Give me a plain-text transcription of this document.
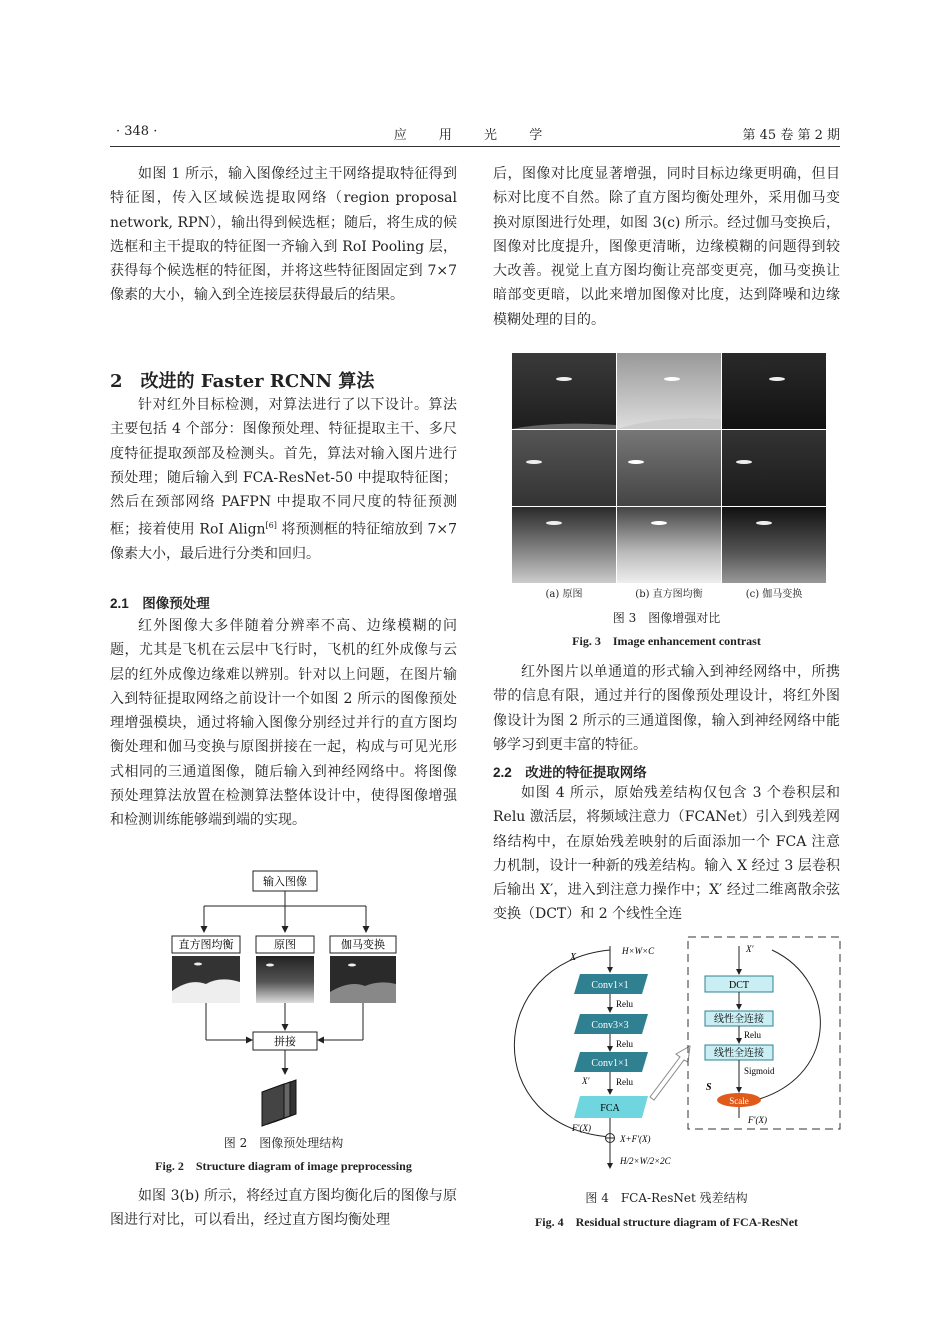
· 348 ·	应 用 光 学	第 45 卷 第 2 期

如图 1 所示，输入图像经过主干网络提取特征得到特征图，传入区域候选提取网络（region proposal network, RPN），输出得到候选框；随后，将生成的候选框和主干提取的特征图一齐输入到 RoI Pooling 层，获得每个候选框的特征图，并将这些特征图固定到 7×7 像素的大小，输入到全连接层获得最后的结果。

2　改进的 Faster RCNN 算法

针对红外目标检测，对算法进行了以下设计。算法主要包括 4 个部分：图像预处理、特征提取主干、多尺度特征提取颈部及检测头。首先，算法对输入图片进行预处理；随后输入到 FCA-ResNet-50 中提取特征图；然后在颈部网络 PAFPN 中提取不同尺度的特征预测框；接着使用 RoI Align[6] 将预测框的特征缩放到 7×7 像素大小，最后进行分类和回归。

2.1　图像预处理

红外图像大多伴随着分辨率不高、边缘模糊的问题，尤其是飞机在云层中飞行时，飞机的红外成像与云层的红外成像边缘难以辨别。针对以上问题，在图片输入到特征提取网络之前设计一个如图 2 所示的图像预处理增强模块，通过将输入图像分别经过并行的直方图均衡处理和伽马变换与原图拼接在一起，构成与可见光形式相同的三通道图像，随后输入到神经网络中。将图像预处理算法放置在检测算法整体设计中，使得图像增强和检测训练能够端到端的实现。

输入图像
直方图均衡	原图	伽马变换
拼接
图 2　图像预处理结构
Fig. 2　Structure diagram of image preprocessing

如图 3(b) 所示，将经过直方图均衡化后的图像与原图进行对比，可以看出，经过直方图均衡处理

后，图像对比度显著增强，同时目标边缘更明确，但目标对比度不自然。除了直方图均衡处理外，采用伽马变换对原图进行处理，如图 3(c) 所示。经过伽马变换后，图像对比度提升，图像更清晰，边缘模糊的问题得到较大改善。视觉上直方图均衡让亮部变更亮，伽马变换让暗部变更暗，以此来增加图像对比度，达到降噪和边缘模糊处理的目的。

(a) 原图	(b) 直方图均衡	(c) 伽马变换
图 3　图像增强对比
Fig. 3　Image enhancement contrast

红外图片以单通道的形式输入到神经网络中，所携带的信息有限，通过并行的图像预处理设计，将红外图像设计为图 2 所示的三通道图像，输入到神经网络中能够学习到更丰富的特征。

2.2　改进的特征提取网络

如图 4 所示，原始残差结构仅包含 3 个卷积层和 Relu 激活层，将频域注意力（FCANet）引入到残差网络结构中，在原始残差映射的后面添加一个 FCA 注意力机制，设计一种新的残差结构。输入 X 经过 3 层卷积后输出 X′，进入到注意力操作中；X′ 经过二维离散余弦变换（DCT）和 2 个线性全连

X
H×W×C
Conv1×1
Relu
Conv3×3
Relu
Conv1×1
X′	Relu
FCA
F′(X)
X+F′(X)
H/2×W/2×2C
X′
DCT
线性全连接
Relu
线性全连接
Sigmoid
S
Scale
F′(X)
图 4　FCA-ResNet 残差结构
Fig. 4　Residual structure diagram of FCA-ResNet
